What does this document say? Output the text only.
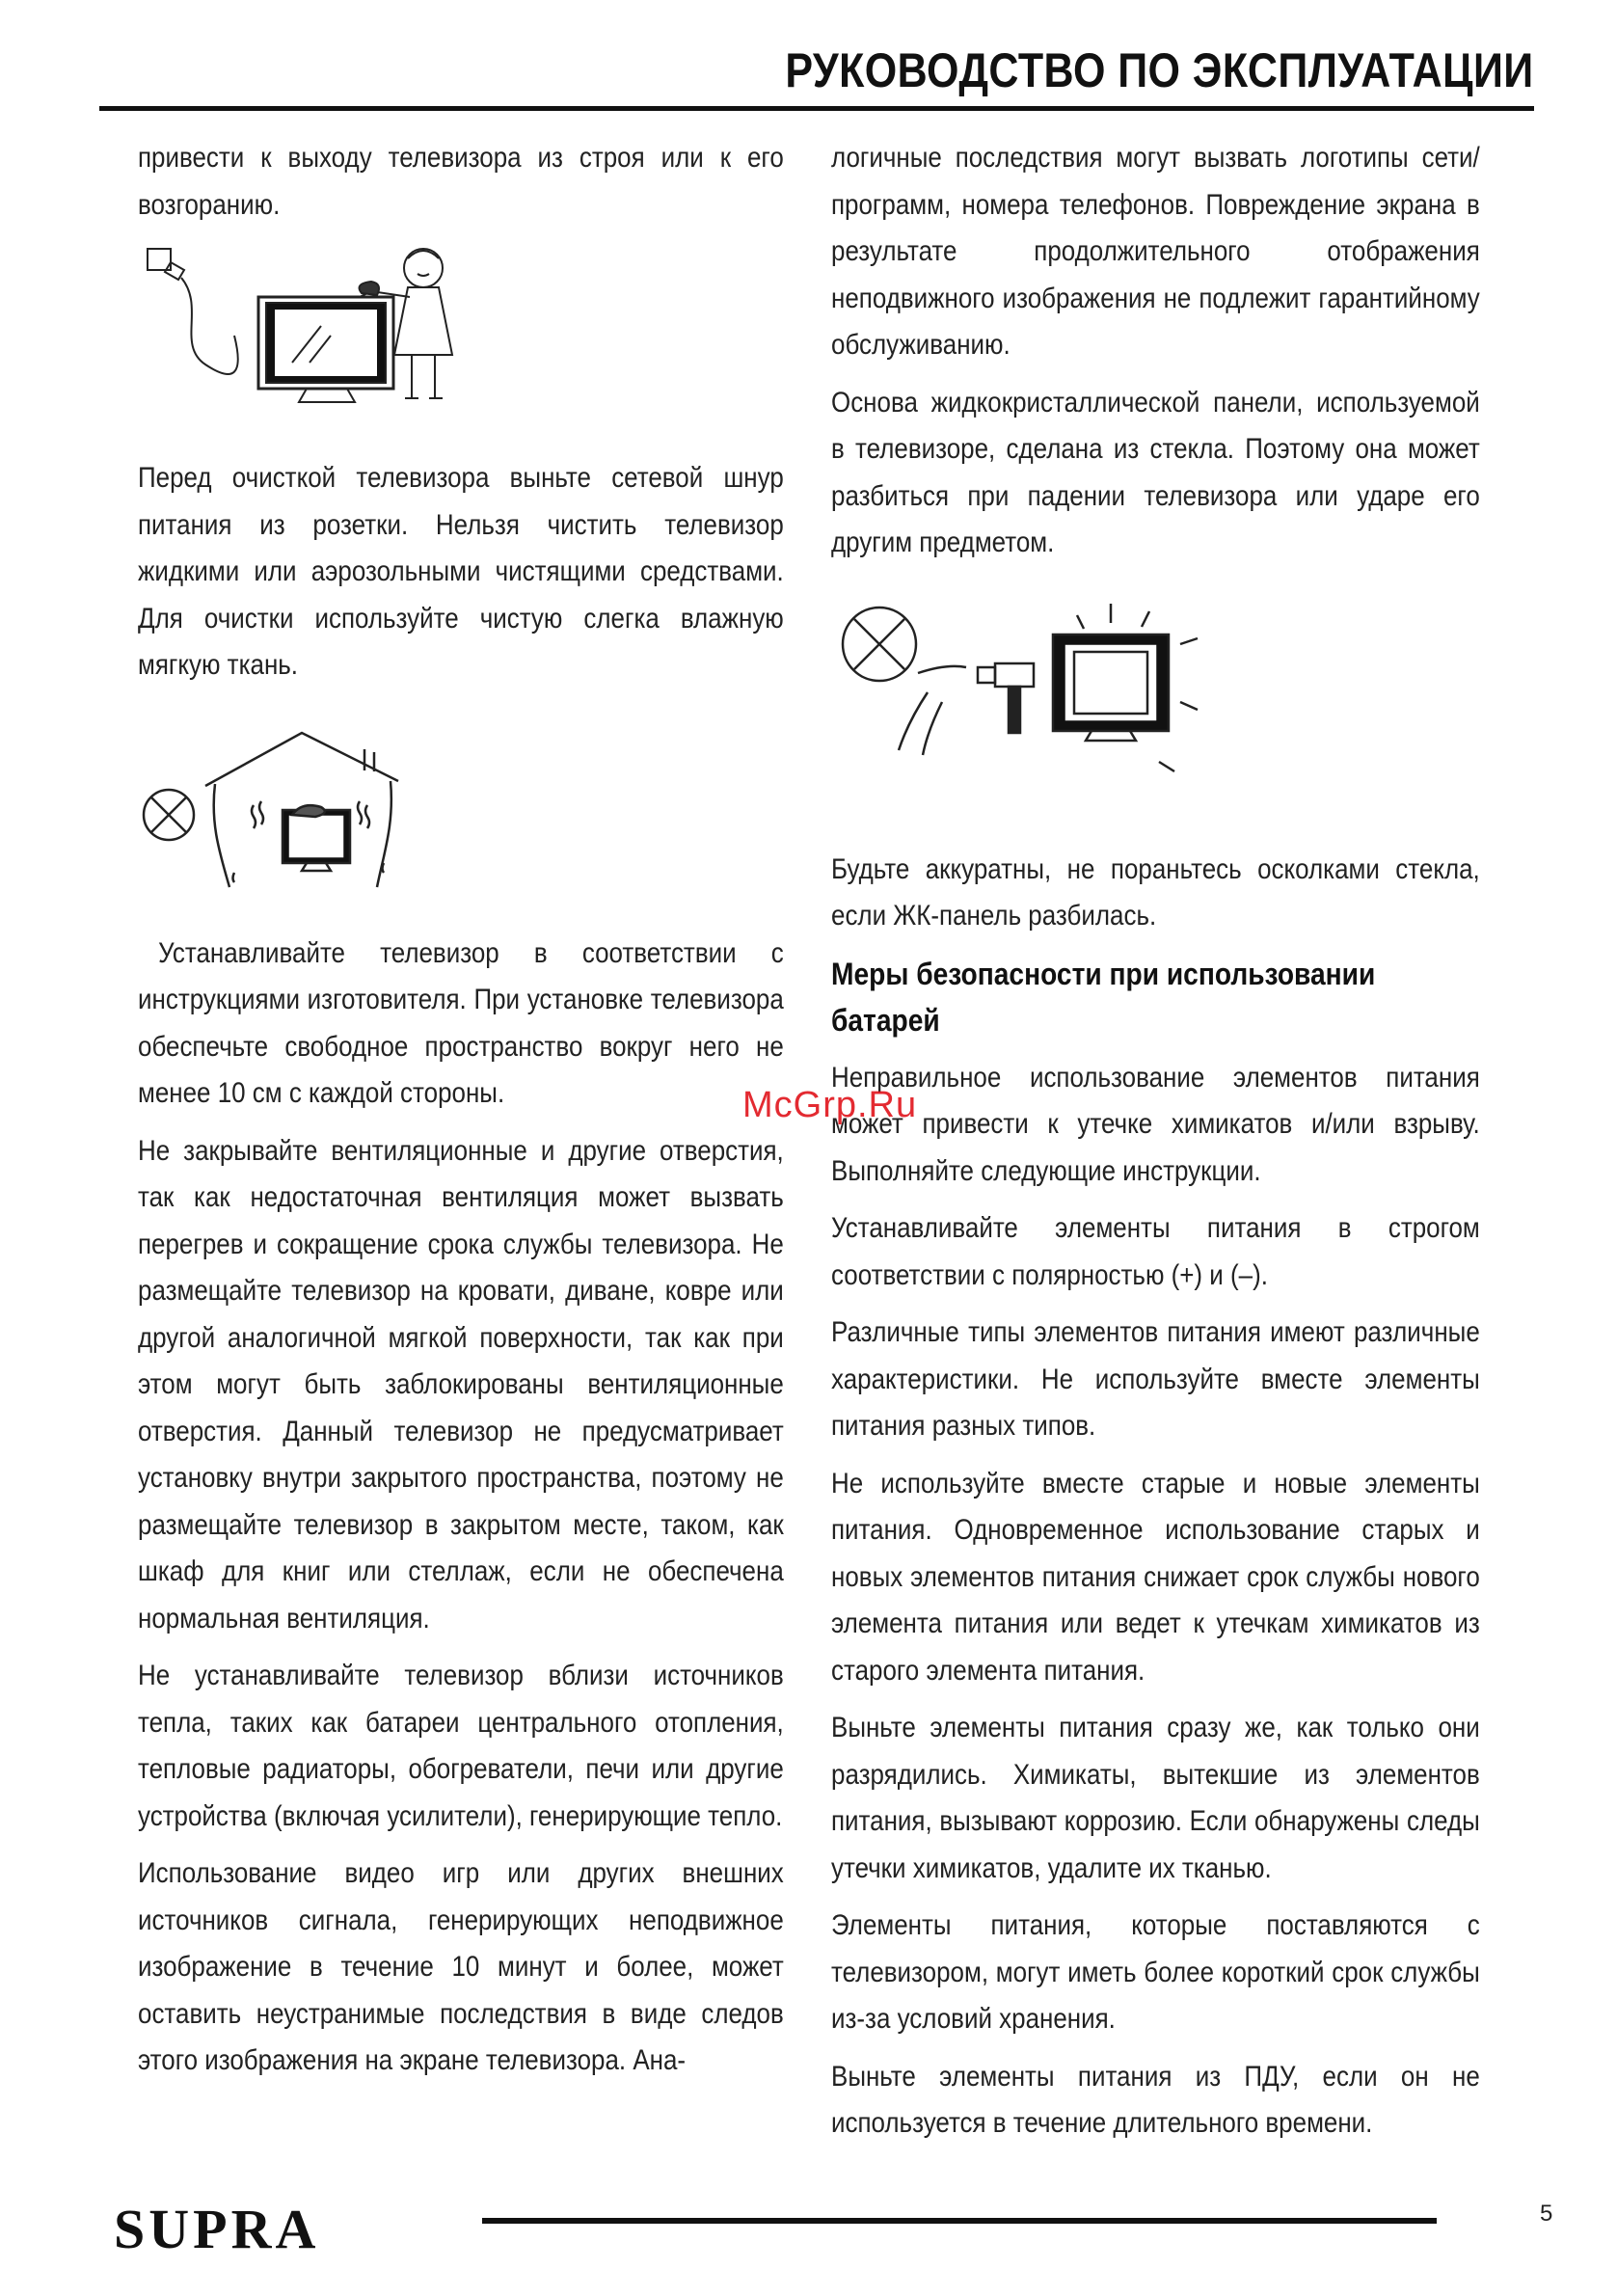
РУКОВОДСТВО ПО ЭКСПЛУАТАЦИИ

привести к выходу телевизора из строя или к его возгоранию.

Перед очисткой телевизора выньте сетевой шнур питания из розетки. Нельзя чистить телевизор жидкими или аэрозольными чистящими средствами. Для очистки используйте чистую слегка влажную мягкую ткань.

Устанавливайте телевизор в соответствии с инструкциями изготовителя. При установке телевизора обеспечьте свободное пространство вокруг него не менее 10 см с каждой стороны.

Не закрывайте вентиляционные и другие отверстия, так как недостаточная вентиляция может вызвать перегрев и сокращение срока службы телевизора. Не размещайте телевизор на кровати, диване, ковре или другой аналогичной мягкой поверхности, так как при этом могут быть заблокированы вентиляционные отверстия. Данный телевизор не предусматривает установку внутри закрытого пространства, поэтому не размещайте телевизор в закрытом месте, таком, как шкаф для книг или стеллаж, если не обеспечена нормальная вентиляция.

Не устанавливайте телевизор вблизи источников тепла, таких как батареи центрального отопления, тепловые радиаторы, обогреватели, печи или другие устройства (включая усилители), генерирующие тепло.

Использование видео игр или других внешних источников сигнала, генерирующих неподвижное изображение в течение 10 минут и более, может оставить неустранимые последствия в виде следов этого изображения на экране телевизора. Ана-

логичные последствия могут вызвать логотипы сети/программ, номера телефонов. Повреждение экрана в результате продолжительного отображения неподвижного изображения не подлежит гарантийному обслуживанию.

Основа жидкокристаллической панели, используемой в телевизоре, сделана из стекла. Поэтому она может разбиться при падении телевизора или ударе его другим предметом.

Будьте аккуратны, не пораньтесь осколками стекла, если ЖК-панель разбилась.

Меры безопасности при использовании батарей

Неправильное использование элементов питания может привести к утечке химикатов и/или взрыву. Выполняйте следующие инструкции.

Устанавливайте элементы питания в строгом соответствии с полярностью (+) и (–).

Различные типы элементов питания имеют различные характеристики. Не используйте вместе элементы питания разных типов.

Не используйте вместе старые и новые элементы питания. Одновременное использование старых и новых элементов питания снижает срок службы нового элемента питания или ведет к утечкам химикатов из старого элемента питания.

Выньте элементы питания сразу же, как только они разрядились. Химикаты, вытекшие из элементов питания, вызывают коррозию. Если обнаружены следы утечки химикатов, удалите их тканью.

Элементы питания, которые поставляются с телевизором, могут иметь более короткий срок службы из-за условий хранения.

Выньте элементы питания из ПДУ, если он не используется в течение длительного времени.

McGrp.Ru
SUPRA	5
